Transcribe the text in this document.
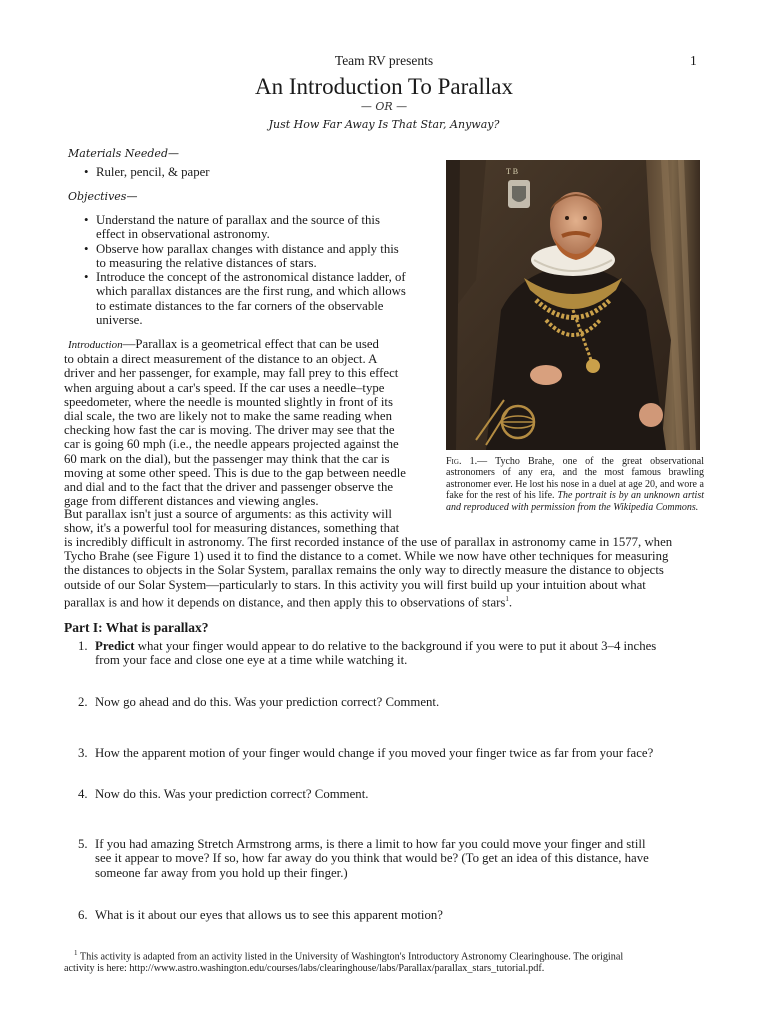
Team RV presents	1
An Introduction To Parallax
— OR —
Just How Far Away Is That Star, Anyway?
Materials Needed—
• Ruler, pencil, & paper
Objectives—
• Understand the nature of parallax and the source of this
effect in observational astronomy.
• Observe how parallax changes with distance and apply this
to measuring the relative distances of stars.
• Introduce the concept of the astronomical distance ladder, of
which parallax distances are the first rung, and which allows
to estimate distances to the far corners of the observable
universe.
T B
Fig. 1.— Tycho Brahe, one of the great observational astronomers of any era, and the most famous brawling astronomer ever. He lost his nose in a duel at age 20, and wore a fake for the rest of his life. The portrait is by an unknown artist and reproduced with permission from the Wikipedia Commons.
Introduction—Parallax is a geometrical effect that can be used
to obtain a direct measurement of the distance to an object. A
driver and her passenger, for example, may fall prey to this effect
when arguing about a car's speed. If the car uses a needle–type
speedometer, where the needle is mounted slightly in front of its
dial scale, the two are likely not to make the same reading when
checking how fast the car is moving. The driver may see that the
car is going 60 mph (i.e., the needle appears projected against the
60 mark on the dial), but the passenger may think that the car is
moving at some other speed. This is due to the gap between needle
and dial and to the fact that the driver and passenger observe the
gage from different distances and viewing angles.
But parallax isn't just a source of arguments: as this activity will
show, it's a powerful tool for measuring distances, something that
is incredibly difficult in astronomy. The first recorded instance of the use of parallax in astronomy came in 1577, when
Tycho Brahe (see Figure 1) used it to find the distance to a comet. While we now have other techniques for measuring
the distances to objects in the Solar System, parallax remains the only way to directly measure the distance to objects
outside of our Solar System—particularly to stars. In this activity you will first build up your intuition about what
parallax is and how it depends on distance, and then apply this to observations of stars$^1$.
Part I: What is parallax?
1. Predict what your finger would appear to do relative to the background if you were to put it about 3–4 inches
from your face and close one eye at a time while watching it.
2. Now go ahead and do this. Was your prediction correct? Comment.
3. How the apparent motion of your finger would change if you moved your finger twice as far from your face?
4. Now do this. Was your prediction correct? Comment.
5. If you had amazing Stretch Armstrong arms, is there a limit to how far you could move your finger and still
see it appear to move? If so, how far away do you think that would be? (To get an idea of this distance, have
someone far away from you hold up their finger.)
6. What is it about our eyes that allows us to see this apparent motion?
$^1$ This activity is adapted from an activity listed in the University of Washington's Introductory Astronomy Clearinghouse. The original
activity is here: http://www.astro.washington.edu/courses/labs/clearinghouse/labs/Parallax/parallax_stars_tutorial.pdf.
